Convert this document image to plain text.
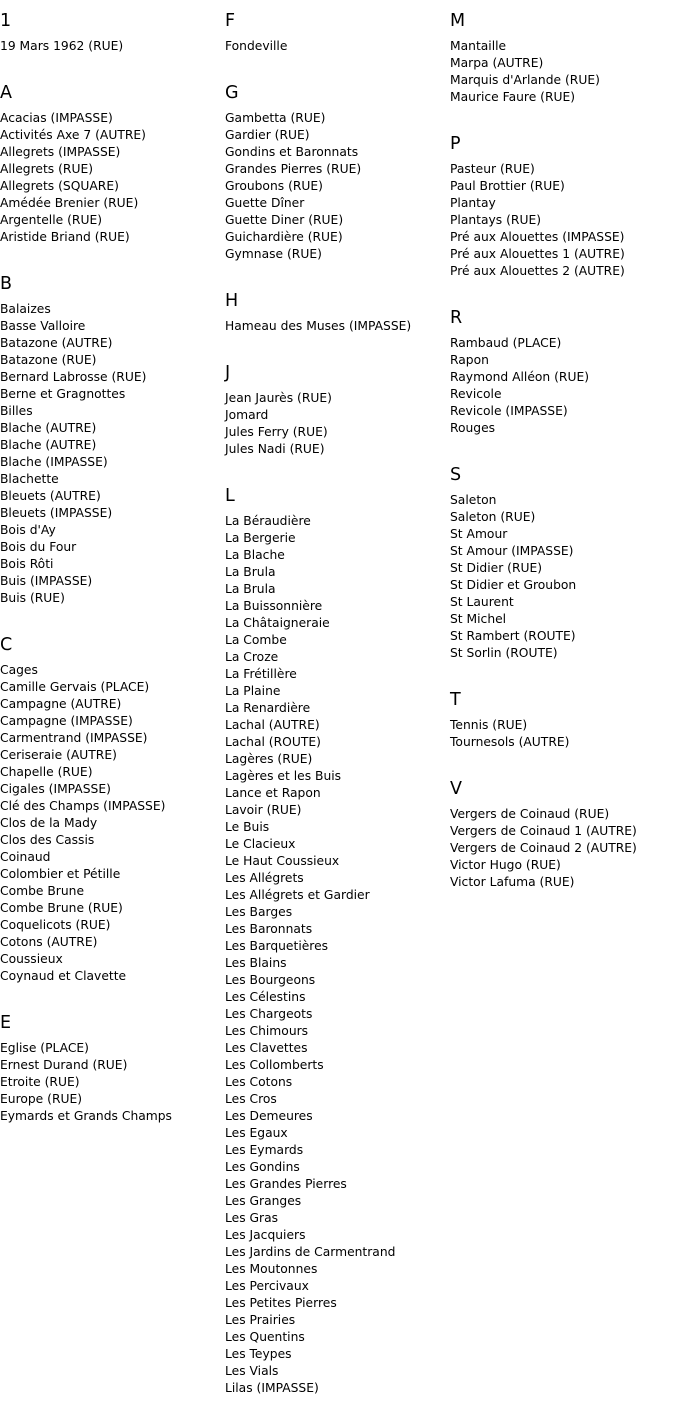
1
19 Mars 1962 (RUE)
A
Acacias (IMPASSE)
Activités Axe 7 (AUTRE)
Allegrets (IMPASSE)
Allegrets (RUE)
Allegrets (SQUARE)
Amédée Brenier (RUE)
Argentelle (RUE)
Aristide Briand (RUE)
B
Balaizes
Basse Valloire
Batazone (AUTRE)
Batazone (RUE)
Bernard Labrosse (RUE)
Berne et Gragnottes
Billes
Blache (AUTRE)
Blache (AUTRE)
Blache (IMPASSE)
Blachette
Bleuets (AUTRE)
Bleuets (IMPASSE)
Bois d'Ay
Bois du Four
Bois Rôti
Buis (IMPASSE)
Buis (RUE)
C
Cages
Camille Gervais (PLACE)
Campagne (AUTRE)
Campagne (IMPASSE)
Carmentrand (IMPASSE)
Ceriseraie (AUTRE)
Chapelle (RUE)
Cigales (IMPASSE)
Clé des Champs (IMPASSE)
Clos de la Mady
Clos des Cassis
Coinaud
Colombier et Pétille
Combe Brune
Combe Brune (RUE)
Coquelicots (RUE)
Cotons (AUTRE)
Coussieux
Coynaud et Clavette
E
Eglise (PLACE)
Ernest Durand (RUE)
Etroite (RUE)
Europe (RUE)
Eymards et Grands Champs
F
Fondeville
G
Gambetta (RUE)
Gardier (RUE)
Gondins et Baronnats
Grandes Pierres (RUE)
Groubons (RUE)
Guette Dîner
Guette Diner (RUE)
Guichardière (RUE)
Gymnase (RUE)
H
Hameau des Muses (IMPASSE)
J
Jean Jaurès (RUE)
Jomard
Jules Ferry (RUE)
Jules Nadi (RUE)
L
La Béraudière
La Bergerie
La Blache
La Brula
La Brula
La Buissonnière
La Châtaigneraie
La Combe
La Croze
La Frétillère
La Plaine
La Renardière
Lachal (AUTRE)
Lachal (ROUTE)
Lagères (RUE)
Lagères et les Buis
Lance et Rapon
Lavoir (RUE)
Le Buis
Le Clacieux
Le Haut Coussieux
Les Allégrets
Les Allégrets et Gardier
Les Barges
Les Baronnats
Les Barquetières
Les Blains
Les Bourgeons
Les Célestins
Les Chargeots
Les Chimours
Les Clavettes
Les Collomberts
Les Cotons
Les Cros
Les Demeures
Les Egaux
Les Eymards
Les Gondins
Les Grandes Pierres
Les Granges
Les Gras
Les Jacquiers
Les Jardins de Carmentrand
Les Moutonnes
Les Percivaux
Les Petites Pierres
Les Prairies
Les Quentins
Les Teypes
Les Vials
Lilas (IMPASSE)
M
Mantaille
Marpa (AUTRE)
Marquis d'Arlande (RUE)
Maurice Faure (RUE)
P
Pasteur (RUE)
Paul Brottier (RUE)
Plantay
Plantays (RUE)
Pré aux Alouettes (IMPASSE)
Pré aux Alouettes 1 (AUTRE)
Pré aux Alouettes 2 (AUTRE)
R
Rambaud (PLACE)
Rapon
Raymond Alléon (RUE)
Revicole
Revicole (IMPASSE)
Rouges
S
Saleton
Saleton (RUE)
St Amour
St Amour (IMPASSE)
St Didier (RUE)
St Didier et Groubon
St Laurent
St Michel
St Rambert (ROUTE)
St Sorlin (ROUTE)
T
Tennis (RUE)
Tournesols (AUTRE)
V
Vergers de Coinaud (RUE)
Vergers de Coinaud 1 (AUTRE)
Vergers de Coinaud 2 (AUTRE)
Victor Hugo (RUE)
Victor Lafuma (RUE)
